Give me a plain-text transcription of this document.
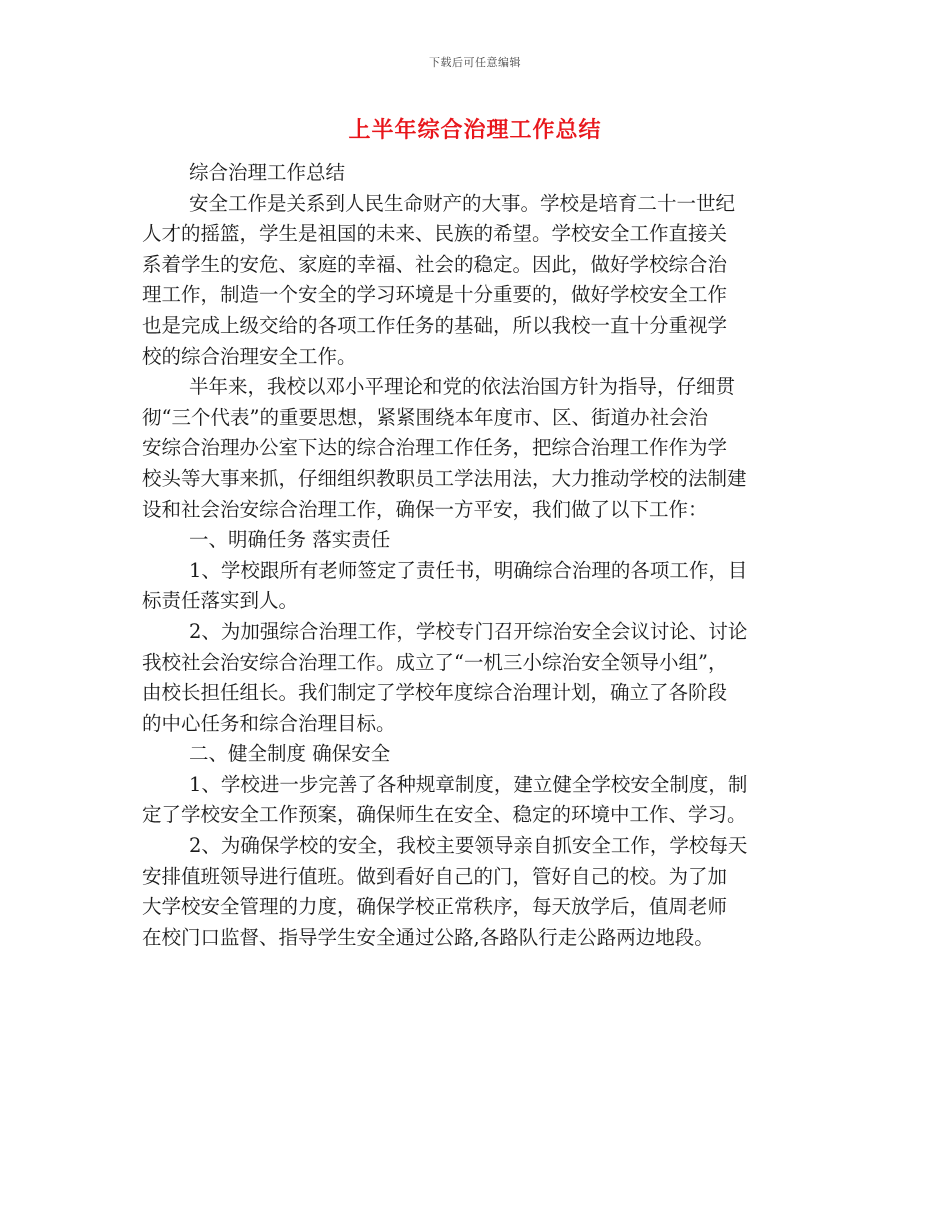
下载后可任意编辑
上半年综合治理工作总结
综合治理工作总结
安全工作是关系到人民生命财产的大事。学校是培育二十一世纪
人才的摇篮，学生是祖国的未来、民族的希望。学校安全工作直接关
系着学生的安危、家庭的幸福、社会的稳定。因此，做好学校综合治
理工作，制造一个安全的学习环境是十分重要的，做好学校安全工作
也是完成上级交给的各项工作任务的基础，所以我校一直十分重视学
校的综合治理安全工作。
半年来，我校以邓小平理论和党的依法治国方针为指导，仔细贯
彻“三个代表”的重要思想，紧紧围绕本年度市、区、街道办社会治
安综合治理办公室下达的综合治理工作任务，把综合治理工作作为学
校头等大事来抓，仔细组织教职员工学法用法，大力推动学校的法制建
设和社会治安综合治理工作，确保一方平安，我们做了以下工作：
一、明确任务 落实责任
1、学校跟所有老师签定了责任书，明确综合治理的各项工作，目
标责任落实到人。
2、为加强综合治理工作，学校专门召开综治安全会议讨论、讨论
我校社会治安综合治理工作。成立了“一机三小综治安全领导小组”，
由校长担任组长。我们制定了学校年度综合治理计划，确立了各阶段
的中心任务和综合治理目标。
二、健全制度 确保安全
1、学校进一步完善了各种规章制度，建立健全学校安全制度，制
定了学校安全工作预案，确保师生在安全、稳定的环境中工作、学习。
2、为确保学校的安全，我校主要领导亲自抓安全工作，学校每天
安排值班领导进行值班。做到看好自己的门，管好自己的校。为了加
大学校安全管理的力度，确保学校正常秩序，每天放学后，值周老师
在校门口监督、指导学生安全通过公路,各路队行走公路两边地段。
